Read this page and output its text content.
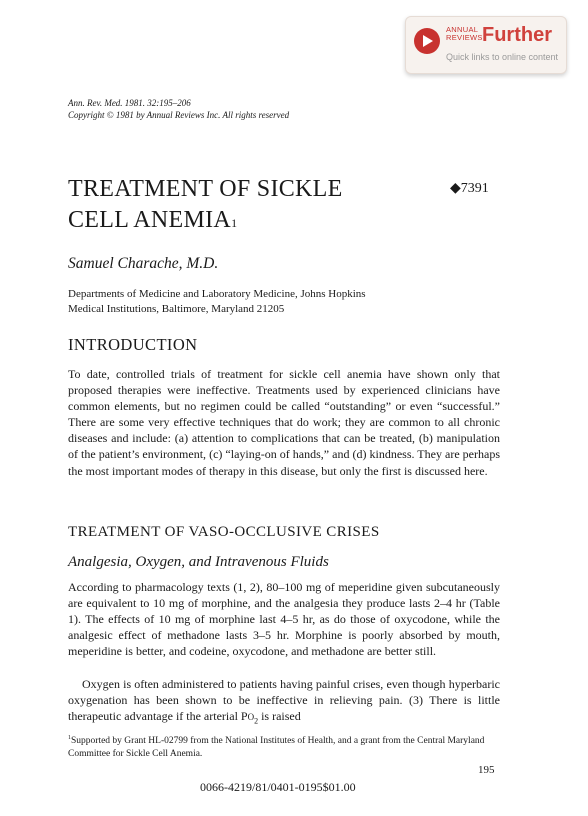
ANNUAL
REVIEWS Further
Quick links to online content
Ann. Rev. Med. 1981. 32:195–206
Copyright © 1981 by Annual Reviews Inc. All rights reserved
TREATMENT OF SICKLE
CELL ANEMIA$^1$
◆7391
Samuel Charache, M.D.
Departments of Medicine and Laboratory Medicine, Johns Hopkins
Medical Institutions, Baltimore, Maryland 21205
INTRODUCTION
To date, controlled trials of treatment for sickle cell anemia have shown only that proposed therapies were ineffective. Treatments used by experienced clinicians have common elements, but no regimen could be called “outstanding” or even “successful.” There are some very effective techniques that do work; they are common to all chronic diseases and include: (a) attention to complications that can be treated, (b) manipulation of the patient’s environment, (c) “laying-on of hands,” and (d) kindness. They are perhaps the most important modes of therapy in this disease, but only the first is discussed here.
TREATMENT OF VASO-OCCLUSIVE CRISES
Analgesia, Oxygen, and Intravenous Fluids
According to pharmacology texts (1, 2), 80–100 mg of meperidine given subcutaneously are equivalent to 10 mg of morphine, and the analgesia they produce lasts 2–4 hr (Table 1). The effects of 10 mg of morphine last 4–5 hr, as do those of oxycodone, while the analgesic effect of methadone lasts 3–5 hr. Morphine is poorly absorbed by mouth, meperidine is better, and codeine, oxycodone, and methadone are better still.
Oxygen is often administered to patients having painful crises, even though hyperbaric oxygenation has been shown to be ineffective in relieving pain. (3) There is little therapeutic advantage if the arterial $PO_2$ is raised
$^1$Supported by Grant HL-02799 from the National Institutes of Health, and a grant from the Central Maryland Committee for Sickle Cell Anemia.
195
0066-4219/81/0401-0195$01.00
